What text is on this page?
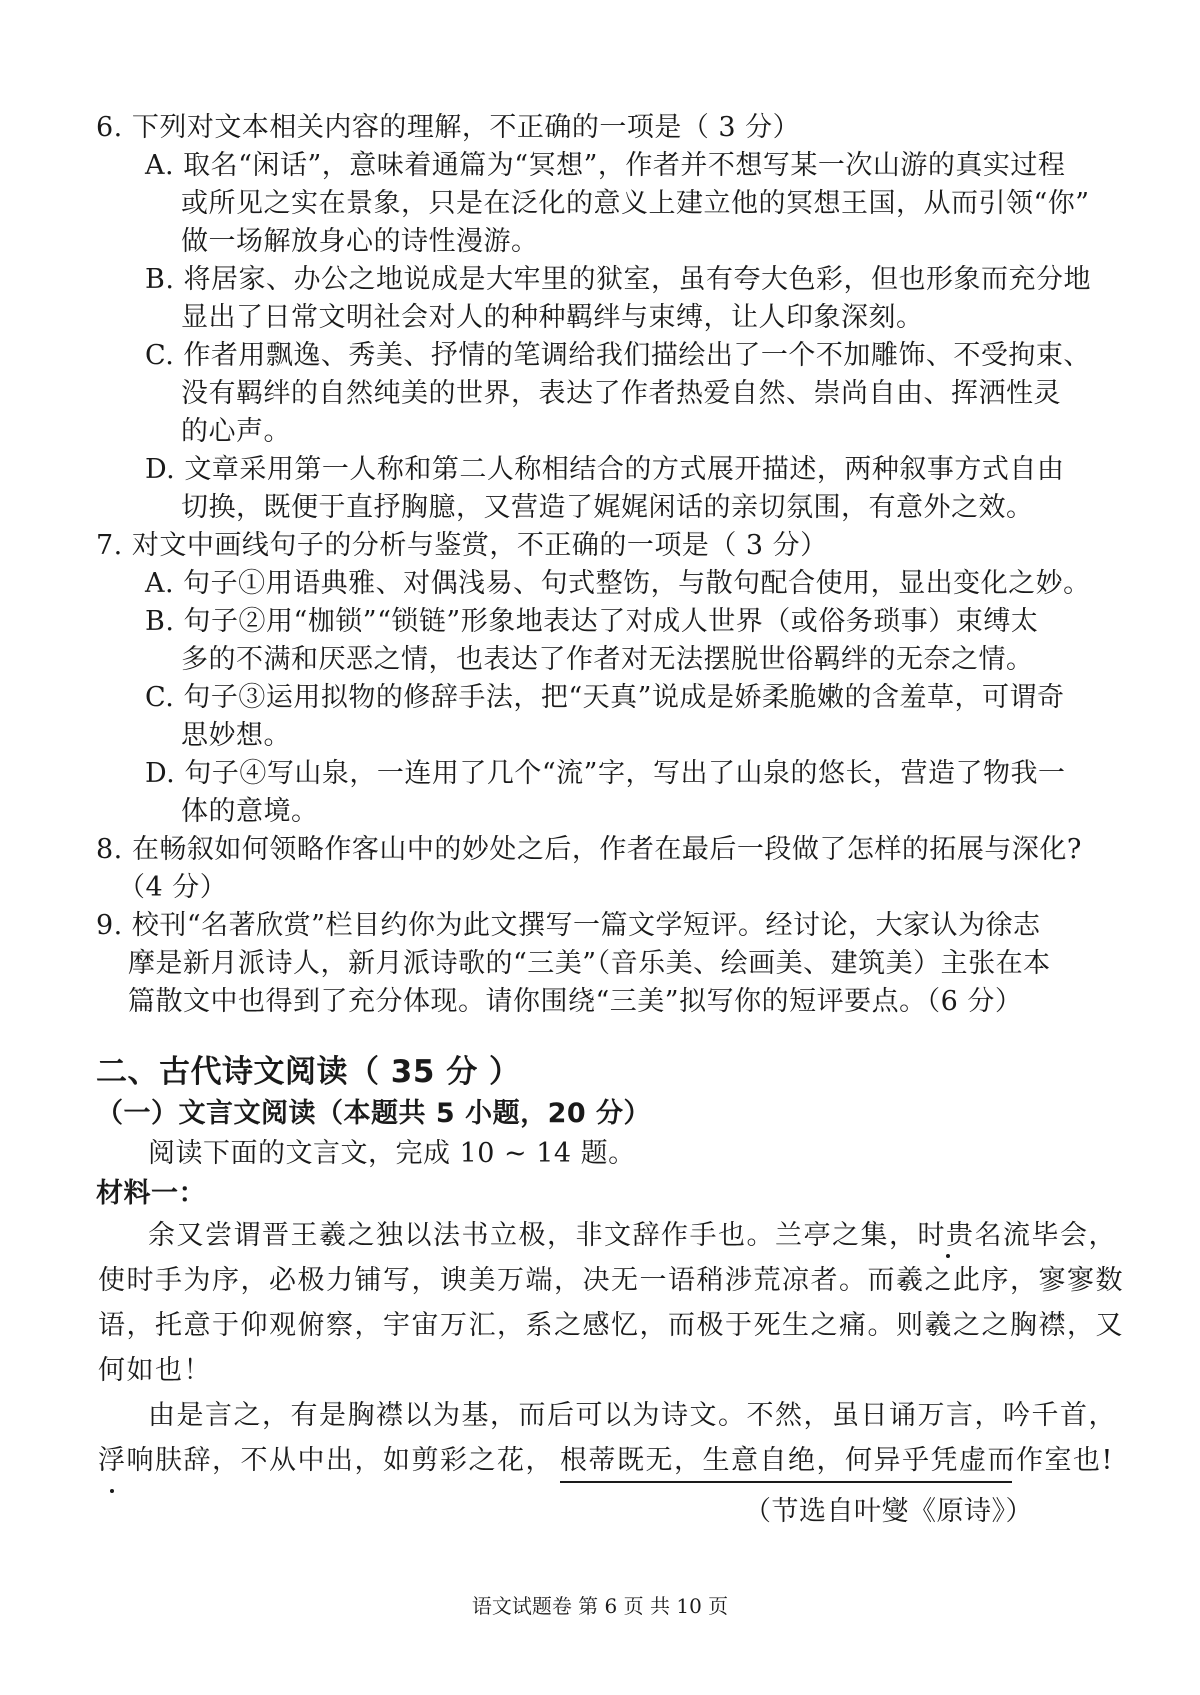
6. 下列对文本相关内容的理解，不正确的一项是（ 3 分）
A. 取名“闲话”，意味着通篇为“冥想”，作者并不想写某一次山游的真实过程
或所见之实在景象，只是在泛化的意义上建立他的冥想王国，从而引领“你”
做一场解放身心的诗性漫游。
B. 将居家、办公之地说成是大牢里的狱室，虽有夸大色彩，但也形象而充分地
显出了日常文明社会对人的种种羁绊与束缚，让人印象深刻。
C. 作者用飘逸、秀美、抒情的笔调给我们描绘出了一个不加雕饰、不受拘束、
没有羁绊的自然纯美的世界，表达了作者热爱自然、崇尚自由、挥洒性灵
的心声。
D. 文章采用第一人称和第二人称相结合的方式展开描述，两种叙事方式自由
切换，既便于直抒胸臆，又营造了娓娓闲话的亲切氛围，有意外之效。
7. 对文中画线句子的分析与鉴赏，不正确的一项是（ 3 分）
A. 句子①用语典雅、对偶浅易、句式整饬，与散句配合使用，显出变化之妙。
B. 句子②用“枷锁”“锁链”形象地表达了对成人世界（或俗务琐事）束缚太
多的不满和厌恶之情，也表达了作者对无法摆脱世俗羁绊的无奈之情。
C. 句子③运用拟物的修辞手法，把“天真”说成是娇柔脆嫩的含羞草，可谓奇
思妙想。
D. 句子④写山泉，一连用了几个“流”字，写出了山泉的悠长，营造了物我一
体的意境。
8. 在畅叙如何领略作客山中的妙处之后，作者在最后一段做了怎样的拓展与深化?
（4 分）
9. 校刊“名著欣赏”栏目约你为此文撰写一篇文学短评。经讨论，大家认为徐志
摩是新月派诗人，新月派诗歌的“三美”（音乐美、绘画美、建筑美）主张在本
篇散文中也得到了充分体现。请你围绕“三美”拟写你的短评要点。（6 分）
二、古代诗文阅读（ 35 分 ）
（一）文言文阅读（本题共 5 小题，20 分）
阅读下面的文言文，完成 10 ~ 14 题。
材料一：
余又尝谓晋王羲之独以法书立极，非文辞作手也。兰亭之集，时贵名流毕会，
使时手为序，必极力铺写，谀美万端，决无一语稍涉荒凉者。而羲之此序，寥寥数
语，托意于仰观俯察，宇宙万汇，系之感忆，而极于死生之痛。则羲之之胸襟，又
何如也！
由是言之，有是胸襟以为基，而后可以为诗文。不然，虽日诵万言，吟千首，
浮响肤辞，不从中出，如剪彩之花， 根蒂既无，生意自绝，何异乎凭虚而作室也!
（节选自叶燮《原诗》）
语文试题卷 第 6 页 共 10 页
